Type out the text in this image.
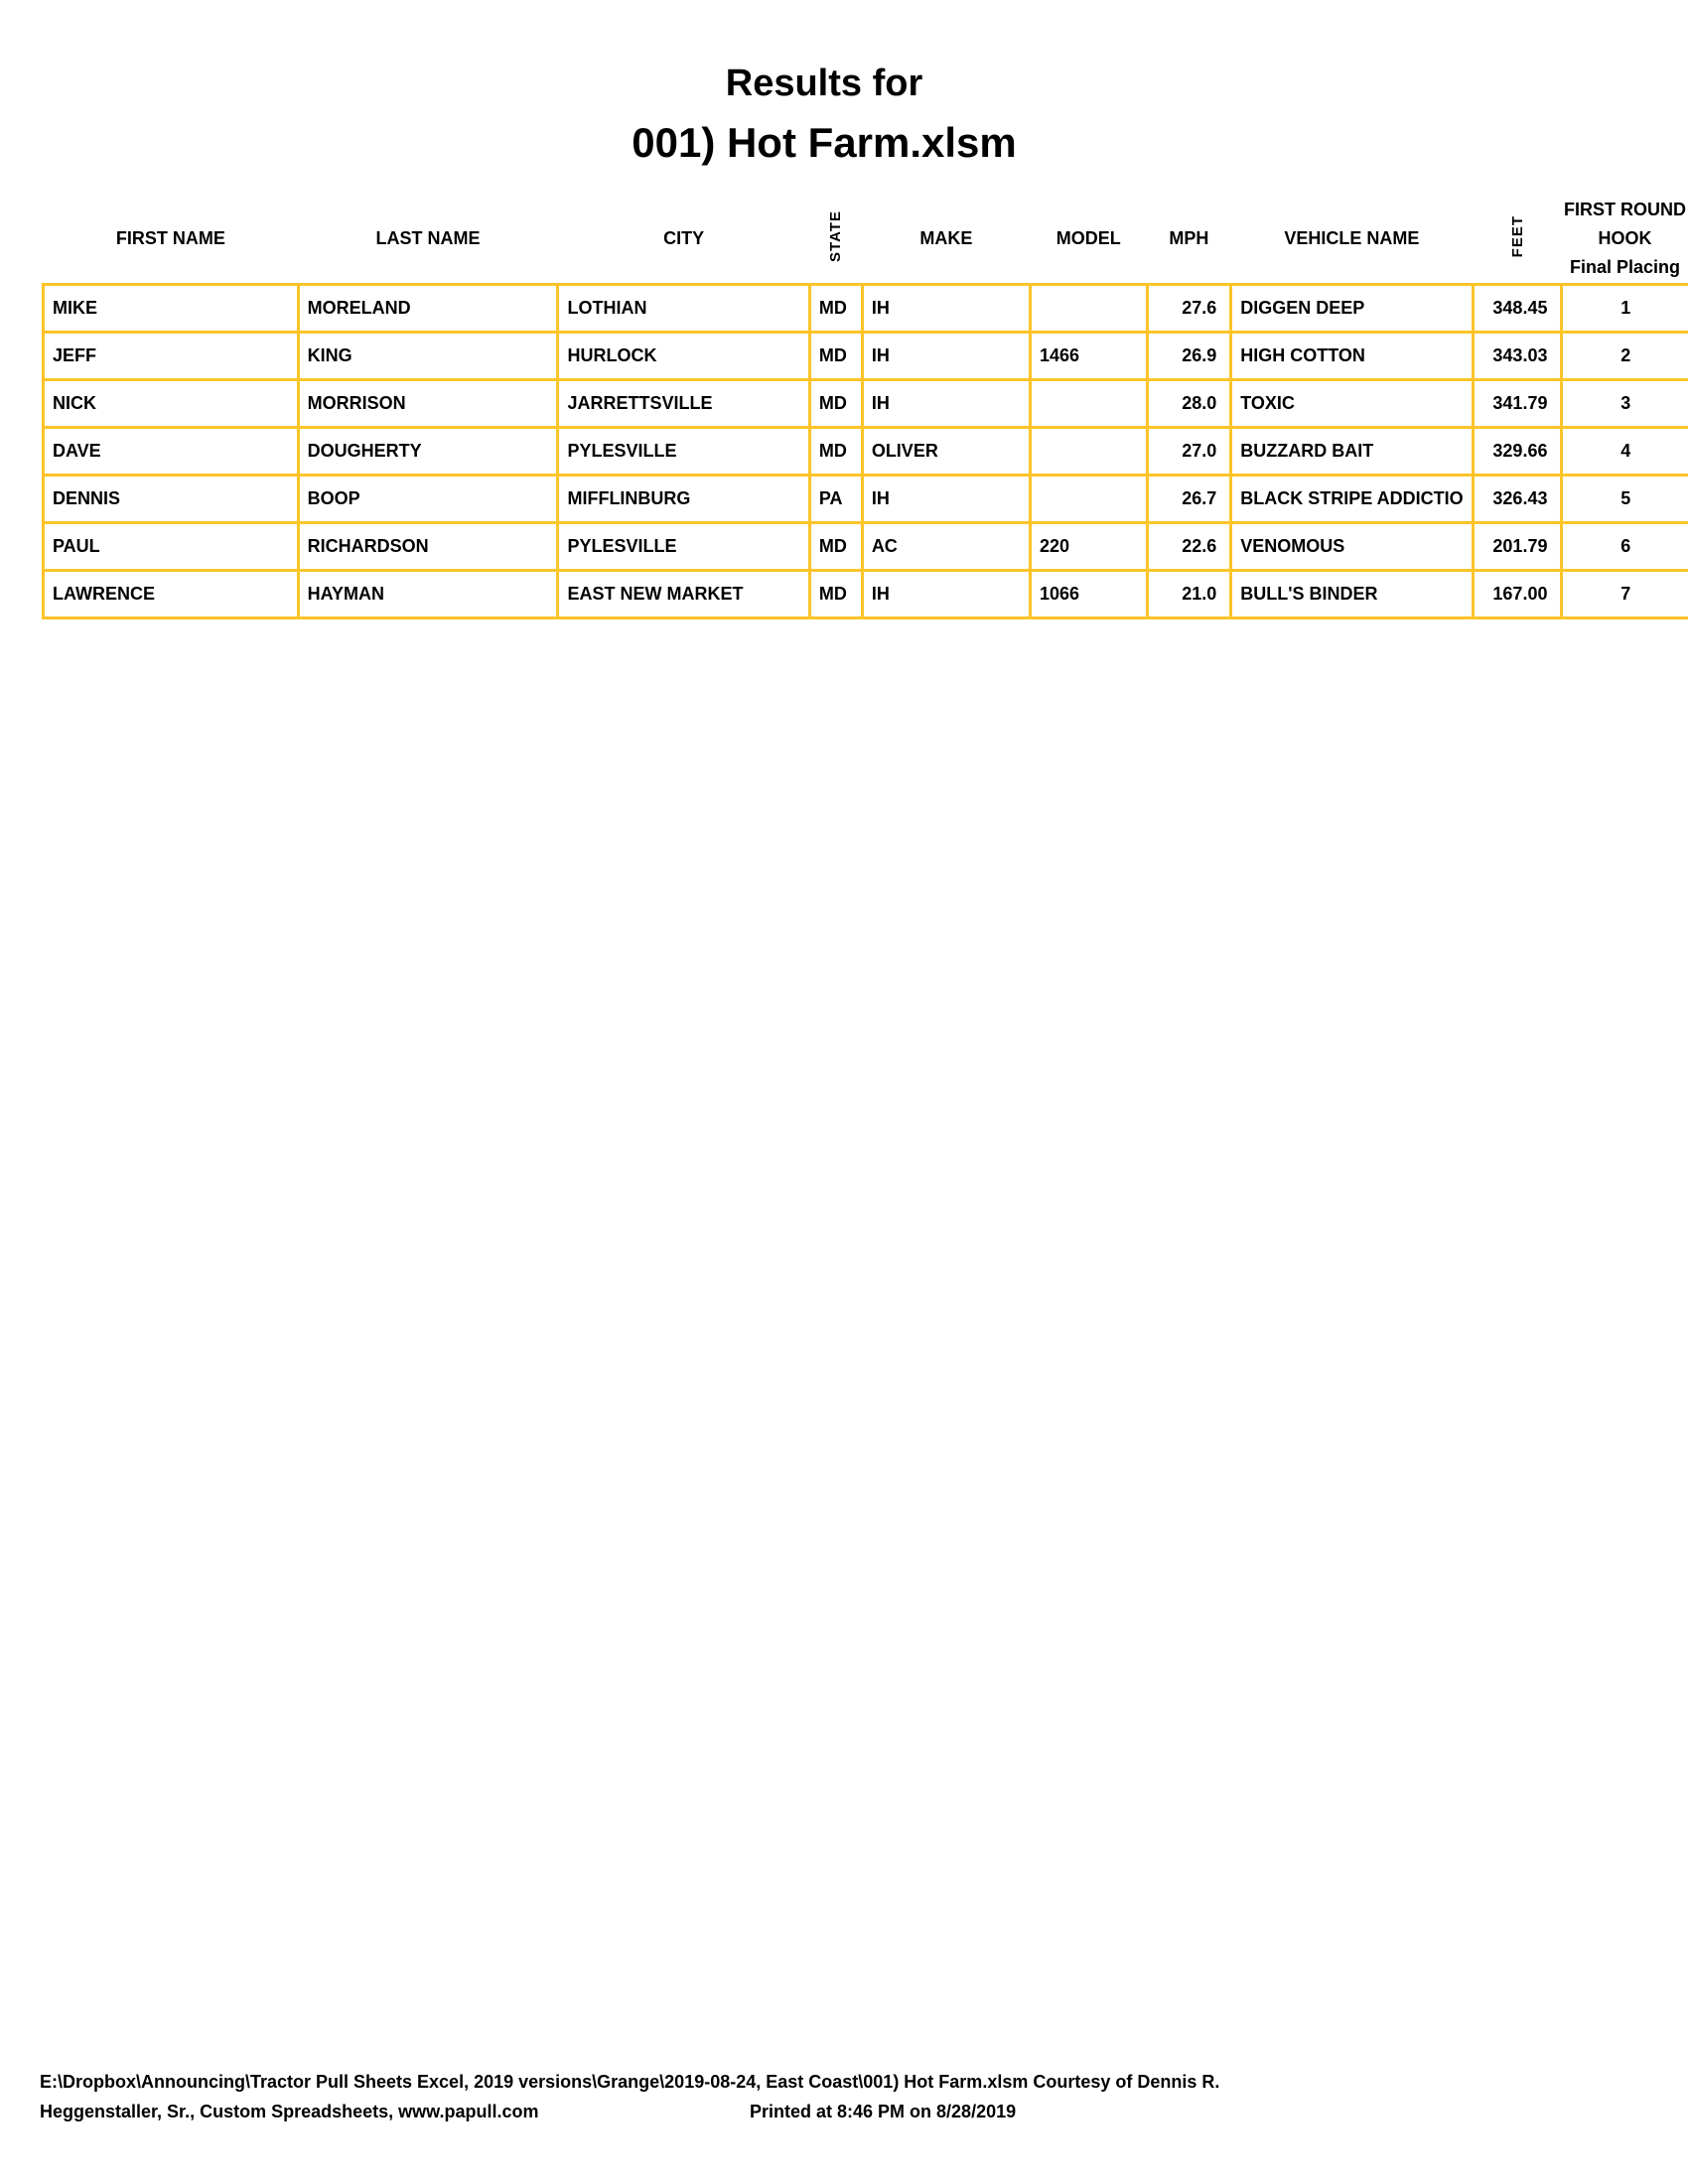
Results for
001) Hot Farm.xlsm
FIRST NAME	LAST NAME	CITY	STATE	MAKE	MODEL	MPH	VEHICLE NAME	FEET	FIRST ROUND
HOOK
Final Placing

MIKE	MORELAND	LOTHIAN	MD	IH		27.6	DIGGEN DEEP	348.45	1
JEFF	KING	HURLOCK	MD	IH	1466	26.9	HIGH COTTON	343.03	2
NICK	MORRISON	JARRETTSVILLE	MD	IH		28.0	TOXIC	341.79	3
DAVE	DOUGHERTY	PYLESVILLE	MD	OLIVER		27.0	BUZZARD BAIT	329.66	4
DENNIS	BOOP	MIFFLINBURG	PA	IH		26.7	BLACK STRIPE ADDICTIO	326.43	5
PAUL	RICHARDSON	PYLESVILLE	MD	AC	220	22.6	VENOMOUS	201.79	6
LAWRENCE	HAYMAN	EAST NEW MARKET	MD	IH	1066	21.0	BULL'S BINDER	167.00	7
E:\Dropbox\Announcing\Tractor Pull Sheets Excel, 2019 versions\Grange\2019-08-24, East Coast\001) Hot Farm.xlsm Courtesy of Dennis R.
Heggenstaller, Sr., Custom Spreadsheets, www.papull.com	Printed at 8:46 PM on 8/28/2019
